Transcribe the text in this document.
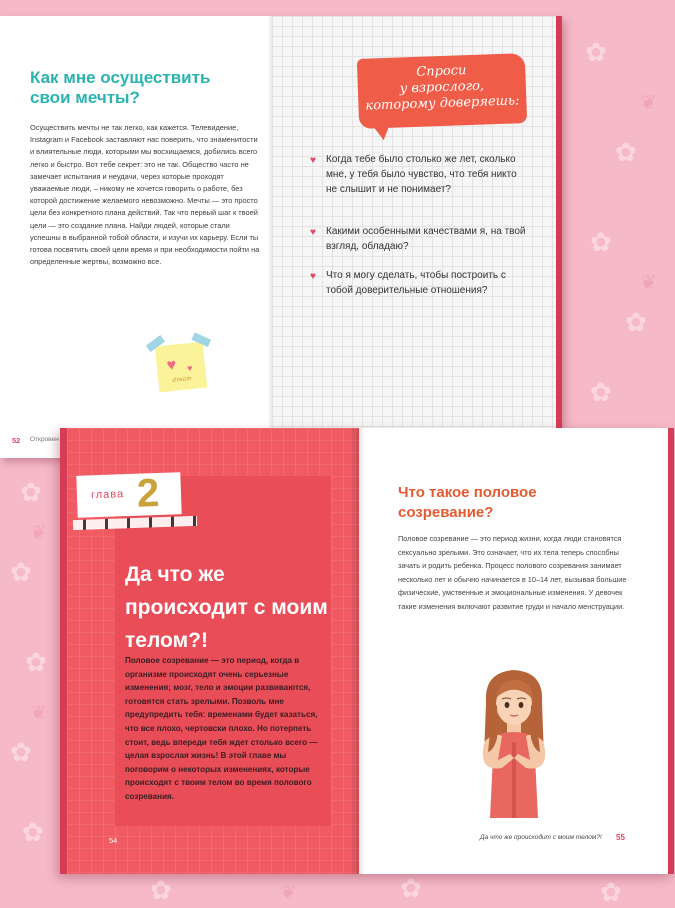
✿
✿
✿
✿
✿
✿
✿
✿
✿
✿
✿	✿	✿
❦
❦
❦
❦
❦
Как мне осуществить свои мечты?
Осуществить мечты не так легко, как кажется. Телевидение, Instagram и Facebook заставляют нас поверить, что знаменитости и влиятельные люди, которыми мы восхищаемся, добились всего легко и быстро. Вот тебе секрет: это не так. Общество часто не замечает испытания и неудачи, через которые проходят уважаемые люди, – никому не хочется говорить о работе, без которой достижение желаемого невозможно. Мечты — это просто цели без конкретного плана действий. Так что первый шаг к твоей цели — это создание плана. Найди людей, которые стали успешны в выбранной тобой области, и изучи их карьеру. Если ты готова посвятить своей цели время и при необходимости пойти на определенные жертвы, возможно все.
♥ ♥
dream
52 Откровен
Спроси
у взрослого,
которому доверяешь:
♥ Когда тебе было столько же лет, сколько мне, у тебя было чувство, что тебя никто не слышит и не понимает?
♥ Какими особенными качествами я, на твой взгляд, обладаю?
♥ Что я могу сделать, чтобы построить с тобой доверительные отношения?
глава 2
Да что же происходит с моим телом?!
Половое созревание — это период, когда в организме происходят очень серьезные изменения; мозг, тело и эмоции развиваются, готовятся стать зрелыми. Позволь мне предупредить тебя: временами будет казаться, что все плохо, чертовски плохо. Но потерпеть стоит, ведь впереди тебя ждет столько всего — целая взрослая жизнь! В этой главе мы поговорим о некоторых изменениях, которые происходят с твоим телом во время полового созревания.
54
Что такое половое созревание?
Половое созревание — это период жизни, когда люди становятся сексуально зрелыми. Это означает, что их тела теперь способны зачать и родить ребенка. Процесс полового созревания занимает несколько лет и обычно начинается в 10–14 лет, вызывая большие физические, умственные и эмоциональные изменения. У девочек такие изменения включают развитие груди и начало менструации.
Да что же происходит с моим телом?! 55
